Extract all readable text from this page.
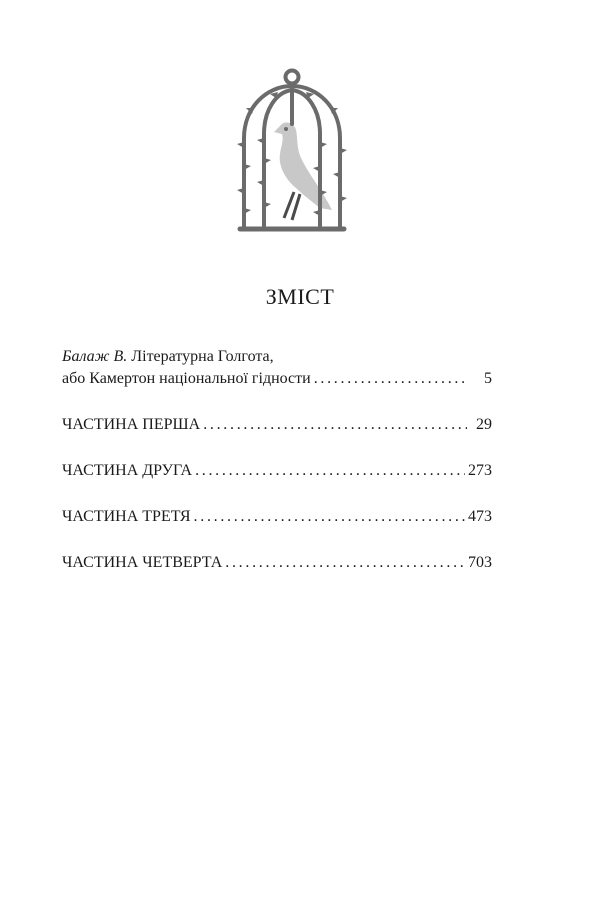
ЗМІСТ
Балаж В. Літературна Голгота,
або Камертон національної гідности . . .	5
ЧАСТИНА ПЕРША . . .	29
ЧАСТИНА ДРУГА . . .	273
ЧАСТИНА ТРЕТЯ . . .	473
ЧАСТИНА ЧЕТВЕРТА . . .	703
